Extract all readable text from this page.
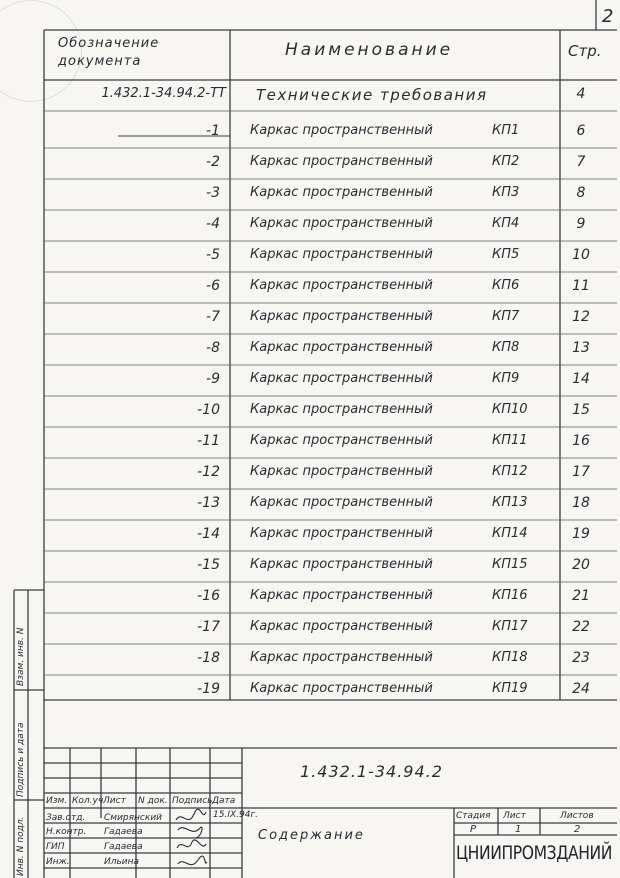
2
Обозначение
документа
Наименование	Стр.
1.432.1-34.94.2-ТТ Технические требования	4
-1 Каркас пространственный	КП1	6
-2 Каркас пространственный	КП2	7
-3 Каркас пространственный	КП3	8
-4 Каркас пространственный	КП4	9
-5 Каркас пространственный	КП5	10
-6 Каркас пространственный	КП6	11
-7 Каркас пространственный	КП7	12
-8 Каркас пространственный	КП8	13
-9 Каркас пространственный	КП9	14
-10 Каркас пространственный	КП10	15
-11 Каркас пространственный	КП11	16
-12 Каркас пространственный	КП12	17
-13 Каркас пространственный	КП13	18
-14 Каркас пространственный	КП14	19
-15 Каркас пространственный	КП15	20
-16 Каркас пространственный	КП16	21
-17 Каркас пространственный	КП17	22
-18 Каркас пространственный	КП18	23
-19 Каркас пространственный	КП19	24
Инв. N подл.
Подпись и дата
Взам. инв. N
1.432.1-34.94.2
Изм. Кол.уч Лист N док. Подпись Дата
15.IX.94г.
Зав.отд. Смирянский
Н.контр. Гадаева
ГИП	Гадаева
Инж.	Ильина
Содержание
Стадия Лист	Листов
Р	1	2
ЦНИИПРОМЗДАНИЙ
